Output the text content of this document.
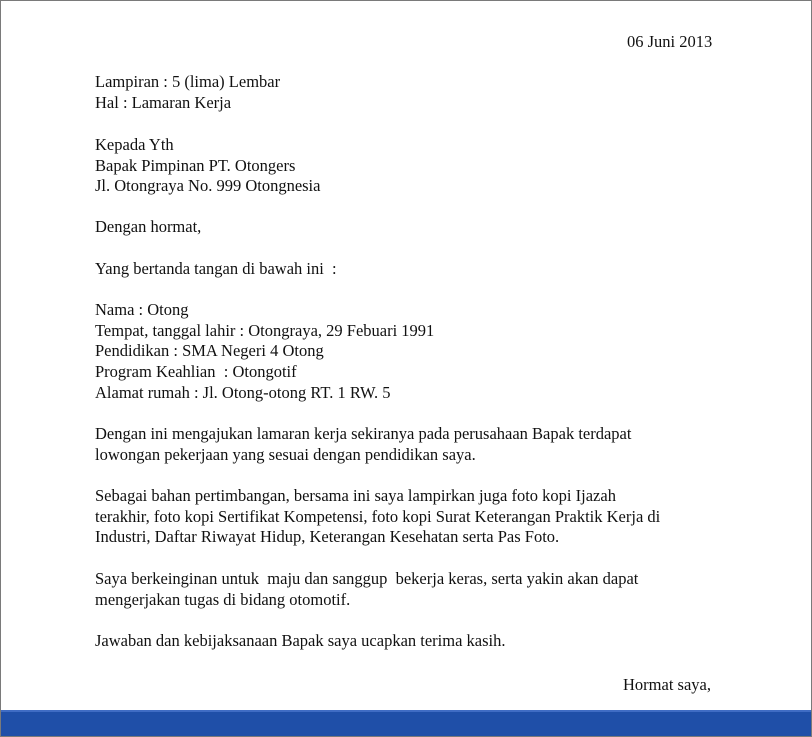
06 Juni 2013
Lampiran : 5 (lima) Lembar
Hal : Lamaran Kerja
Kepada Yth
Bapak Pimpinan PT. Otongers
Jl. Otongraya No. 999 Otongnesia
Dengan hormat,
Yang bertanda tangan di bawah ini  :
Nama : Otong
Tempat, tanggal lahir : Otongraya, 29 Febuari 1991
Pendidikan : SMA Negeri 4 Otong
Program Keahlian  : Otongotif
Alamat rumah : Jl. Otong-otong RT. 1 RW. 5
Dengan ini mengajukan lamaran kerja sekiranya pada perusahaan Bapak terdapat
lowongan pekerjaan yang sesuai dengan pendidikan saya.
Sebagai bahan pertimbangan, bersama ini saya lampirkan juga foto kopi Ijazah
terakhir, foto kopi Sertifikat Kompetensi, foto kopi Surat Keterangan Praktik Kerja di
Industri, Daftar Riwayat Hidup, Keterangan Kesehatan serta Pas Foto.
Saya berkeinginan untuk  maju dan sanggup  bekerja keras, serta yakin akan dapat
mengerjakan tugas di bidang otomotif.
Jawaban dan kebijaksanaan Bapak saya ucapkan terima kasih.
Hormat saya,
